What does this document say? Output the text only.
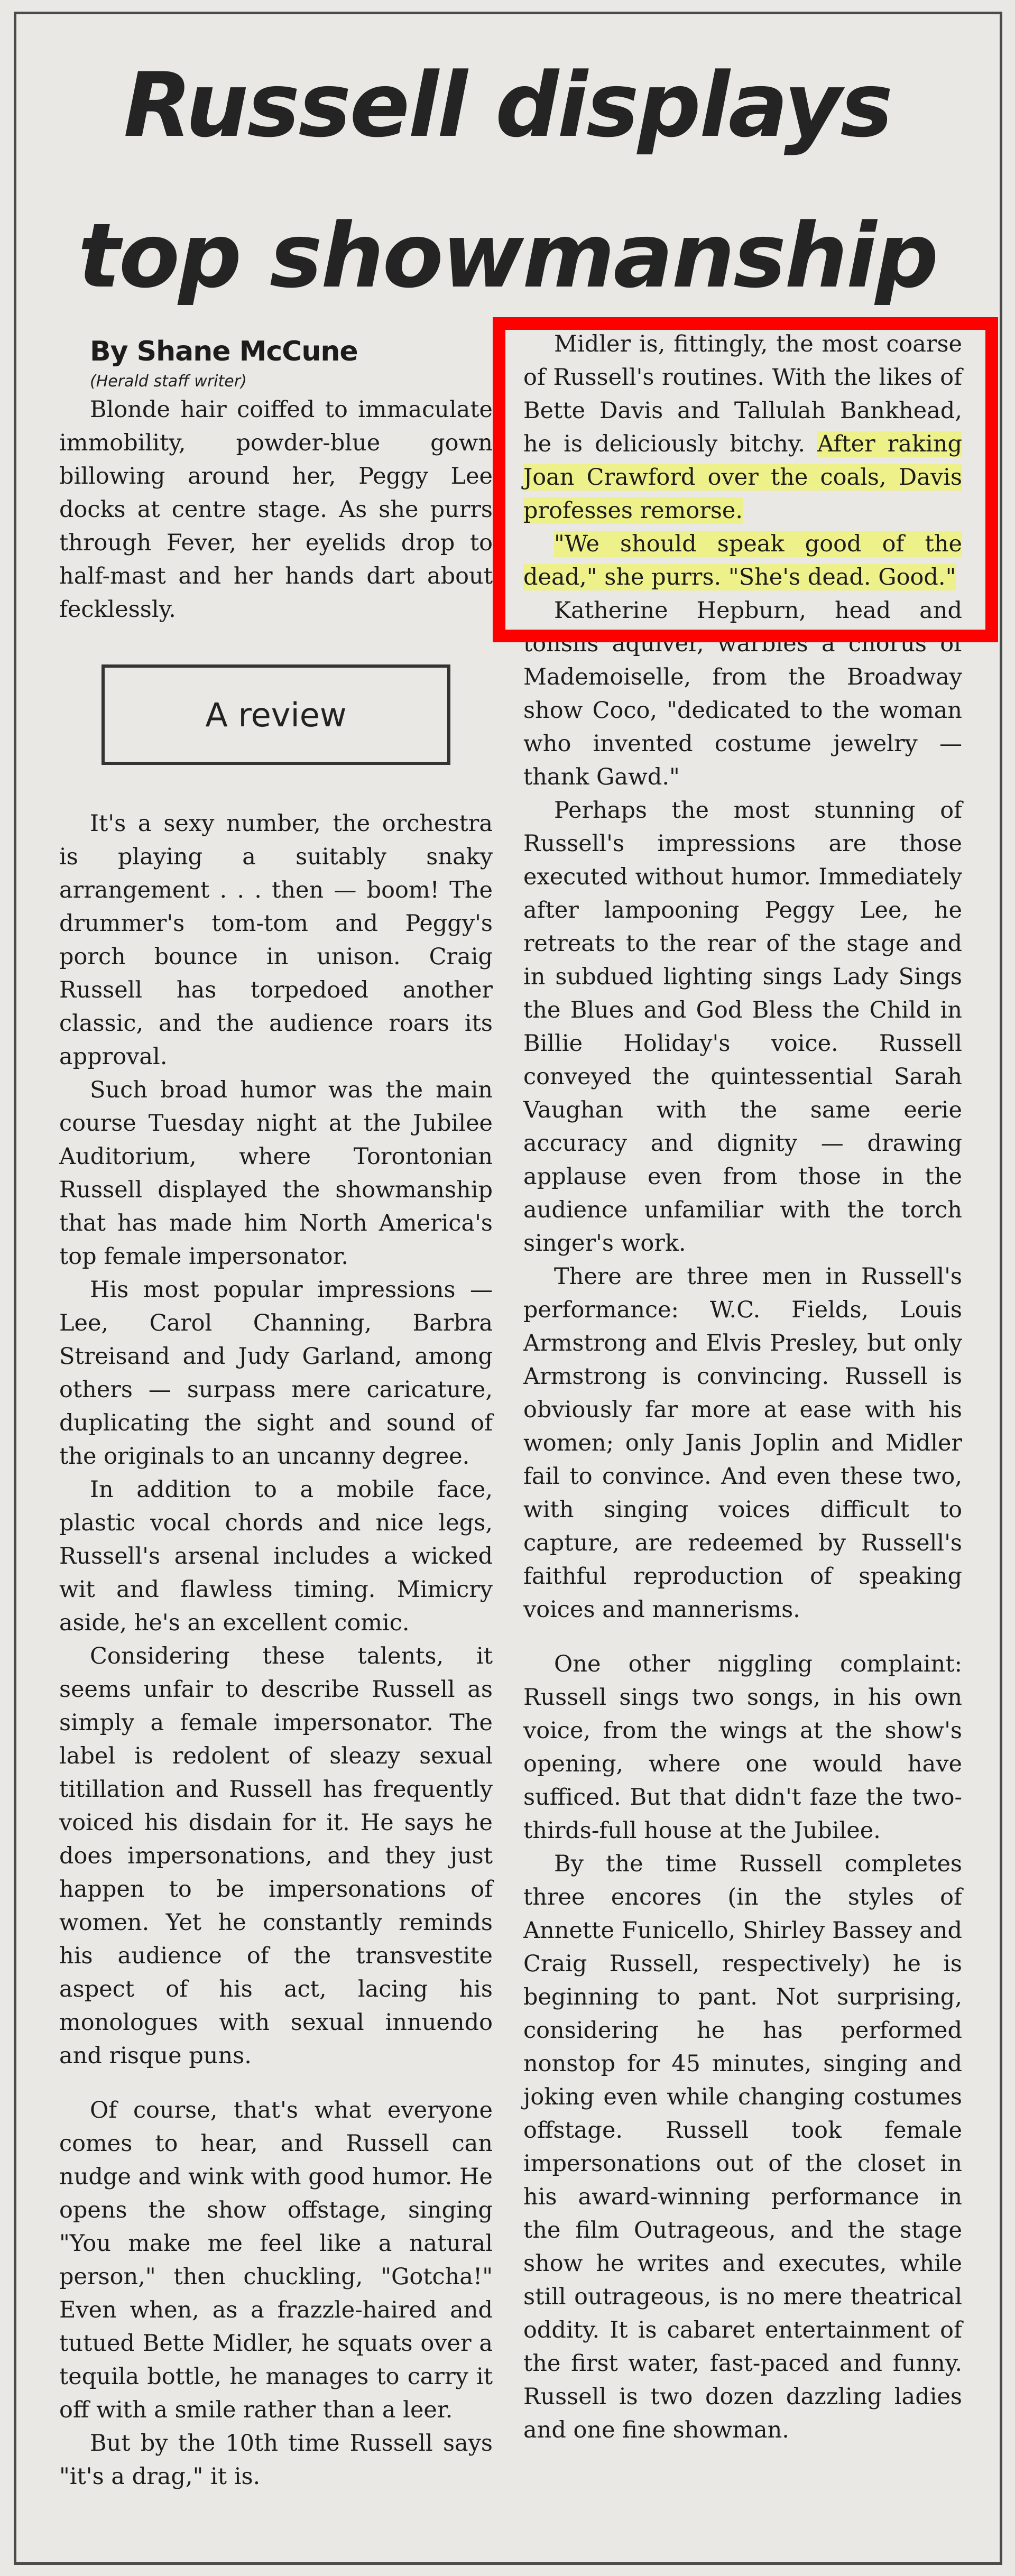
Russell displays
top showmanship

By Shane McCune

(Herald staff writer)

Blonde hair coiffed to immaculate immobility, powder-blue gown billowing around her, Peggy Lee docks at centre stage. As she purrs through Fever, her eyelids drop to half-mast and her hands dart about fecklessly.

A review

It's a sexy number, the orchestra is playing a suitably snaky arrangement . . . then — boom! The drummer's tom-tom and Peggy's porch bounce in unison. Craig Russell has torpedoed another classic, and the audience roars its approval.

Such broad humor was the main course Tuesday night at the Jubilee Auditorium, where Torontonian Russell displayed the showmanship that has made him North America's top female impersonator.

His most popular impressions — Lee, Carol Channing, Barbra Streisand and Judy Garland, among others — surpass mere caricature, duplicating the sight and sound of the originals to an uncanny degree.

In addition to a mobile face, plastic vocal chords and nice legs, Russell's arsenal includes a wicked wit and flawless timing. Mimicry aside, he's an excellent comic.

Considering these talents, it seems unfair to describe Russell as simply a female impersonator. The label is redolent of sleazy sexual titillation and Russell has frequently voiced his disdain for it. He says he does impersonations, and they just happen to be impersonations of women. Yet he constantly reminds his audience of the transvestite aspect of his act, lacing his monologues with sexual innuendo and risque puns.

Of course, that's what everyone comes to hear, and Russell can nudge and wink with good humor. He opens the show offstage, singing "You make me feel like a natural person," then chuckling, "Gotcha!" Even when, as a frazzle-haired and tutued Bette Midler, he squats over a tequila bottle, he manages to carry it off with a smile rather than a leer.

But by the 10th time Russell says "it's a drag," it is.

Midler is, fittingly, the most coarse of Russell's routines. With the likes of Bette Davis and Tallulah Bankhead, he is deliciously bitchy. After raking Joan Crawford over the coals, Davis professes remorse.

"We should speak good of the dead," she purrs. "She's dead. Good."

Katherine Hepburn, head and tonsils aquiver, warbles a chorus of Mademoiselle, from the Broadway show Coco, "dedicated to the woman who invented costume jewelry — thank Gawd."

Perhaps the most stunning of Russell's impressions are those executed without humor. Immediately after lampooning Peggy Lee, he retreats to the rear of the stage and in subdued lighting sings Lady Sings the Blues and God Bless the Child in Billie Holiday's voice. Russell conveyed the quintessential Sarah Vaughan with the same eerie accuracy and dignity — drawing applause even from those in the audience unfamiliar with the torch singer's work.

There are three men in Russell's performance: W.C. Fields, Louis Armstrong and Elvis Presley, but only Armstrong is convincing. Russell is obviously far more at ease with his women; only Janis Joplin and Midler fail to convince. And even these two, with singing voices difficult to capture, are redeemed by Russell's faithful reproduction of speaking voices and mannerisms.

One other niggling complaint: Russell sings two songs, in his own voice, from the wings at the show's opening, where one would have sufficed. But that didn't faze the two-thirds-full house at the Jubilee.

By the time Russell completes three encores (in the styles of Annette Funicello, Shirley Bassey and Craig Russell, respectively) he is beginning to pant. Not surprising, considering he has performed nonstop for 45 minutes, singing and joking even while changing costumes offstage. Russell took female impersonations out of the closet in his award-winning performance in the film Outrageous, and the stage show he writes and executes, while still outrageous, is no mere theatrical oddity. It is cabaret entertainment of the first water, fast-paced and funny. Russell is two dozen dazzling ladies and one fine showman.
